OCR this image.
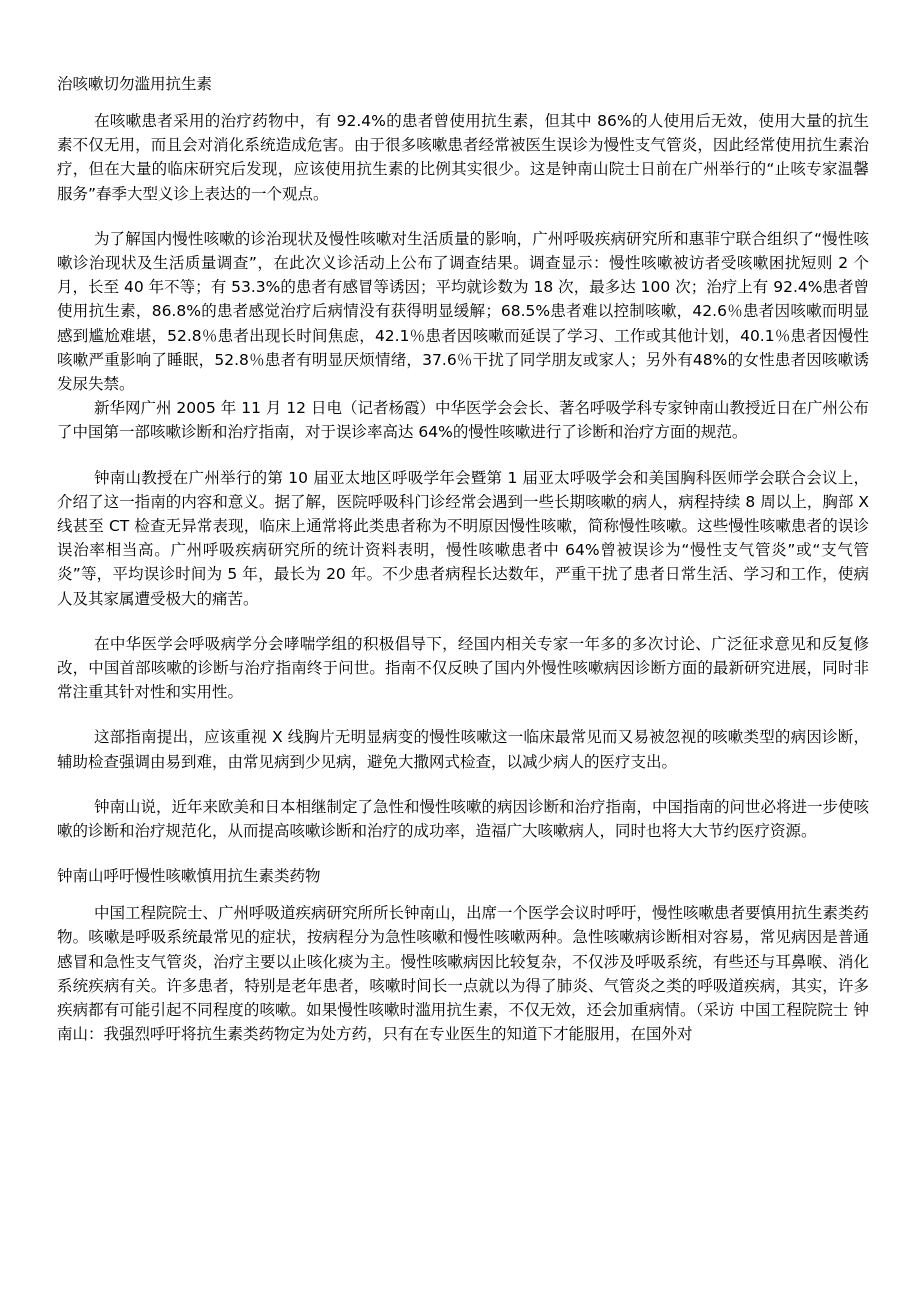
治咳嗽切勿滥用抗生素

在咳嗽患者采用的治疗药物中，有 92.4%的患者曾使用抗生素，但其中 86%的人使用后无效，使用大量的抗生素不仅无用，而且会对消化系统造成危害。由于很多咳嗽患者经常被医生误诊为慢性支气管炎，因此经常使用抗生素治疗，但在大量的临床研究后发现，应该使用抗生素的比例其实很少。这是钟南山院士日前在广州举行的“止咳专家温馨服务”春季大型义诊上表达的一个观点。

为了解国内慢性咳嗽的诊治现状及慢性咳嗽对生活质量的影响，广州呼吸疾病研究所和惠菲宁联合组织了“慢性咳嗽诊治现状及生活质量调查”，在此次义诊活动上公布了调查结果。调查显示：慢性咳嗽被访者受咳嗽困扰短则 2 个月，长至 40 年不等；有 53.3%的患者有感冒等诱因；平均就诊数为 18 次，最多达 100 次；治疗上有 92.4%患者曾使用抗生素，86.8%的患者感觉治疗后病情没有获得明显缓解；68.5%患者难以控制咳嗽，42.6％患者因咳嗽而明显感到尴尬难堪，52.8％患者出现长时间焦虑，42.1％患者因咳嗽而延误了学习、工作或其他计划，40.1％患者因慢性咳嗽严重影响了睡眠，52.8％患者有明显厌烦情绪，37.6％干扰了同学朋友或家人；另外有48%的女性患者因咳嗽诱发尿失禁。

新华网广州 2005 年 11 月 12 日电（记者杨霞）中华医学会会长、著名呼吸学科专家钟南山教授近日在广州公布了中国第一部咳嗽诊断和治疗指南，对于误诊率高达 64%的慢性咳嗽进行了诊断和治疗方面的规范。

钟南山教授在广州举行的第 10 届亚太地区呼吸学年会暨第 1 届亚太呼吸学会和美国胸科医师学会联合会议上，介绍了这一指南的内容和意义。据了解，医院呼吸科门诊经常会遇到一些长期咳嗽的病人，病程持续 8 周以上，胸部 X 线甚至 CT 检查无异常表现，临床上通常将此类患者称为不明原因慢性咳嗽，简称慢性咳嗽。这些慢性咳嗽患者的误诊误治率相当高。广州呼吸疾病研究所的统计资料表明，慢性咳嗽患者中 64%曾被误诊为“慢性支气管炎”或“支气管炎”等，平均误诊时间为 5 年，最长为 20 年。不少患者病程长达数年，严重干扰了患者日常生活、学习和工作，使病人及其家属遭受极大的痛苦。

在中华医学会呼吸病学分会哮喘学组的积极倡导下，经国内相关专家一年多的多次讨论、广泛征求意见和反复修改，中国首部咳嗽的诊断与治疗指南终于问世。指南不仅反映了国内外慢性咳嗽病因诊断方面的最新研究进展，同时非常注重其针对性和实用性。

这部指南提出，应该重视 X 线胸片无明显病变的慢性咳嗽这一临床最常见而又易被忽视的咳嗽类型的病因诊断，辅助检查强调由易到难，由常见病到少见病，避免大撒网式检查，以减少病人的医疗支出。

钟南山说，近年来欧美和日本相继制定了急性和慢性咳嗽的病因诊断和治疗指南，中国指南的问世必将进一步使咳嗽的诊断和治疗规范化，从而提高咳嗽诊断和治疗的成功率，造福广大咳嗽病人，同时也将大大节约医疗资源。

钟南山呼吁慢性咳嗽慎用抗生素类药物

中国工程院院士、广州呼吸道疾病研究所所长钟南山，出席一个医学会议时呼吁，慢性咳嗽患者要慎用抗生素类药物。咳嗽是呼吸系统最常见的症状，按病程分为急性咳嗽和慢性咳嗽两种。急性咳嗽病诊断相对容易，常见病因是普通感冒和急性支气管炎，治疗主要以止咳化痰为主。慢性咳嗽病因比较复杂，不仅涉及呼吸系统，有些还与耳鼻喉、消化系统疾病有关。许多患者，特别是老年患者，咳嗽时间长一点就以为得了肺炎、气管炎之类的呼吸道疾病，其实，许多疾病都有可能引起不同程度的咳嗽。如果慢性咳嗽时滥用抗生素，不仅无效，还会加重病情。（采访 中国工程院院士 钟南山：我强烈呼吁将抗生素类药物定为处方药，只有在专业医生的知道下才能服用，在国外对
